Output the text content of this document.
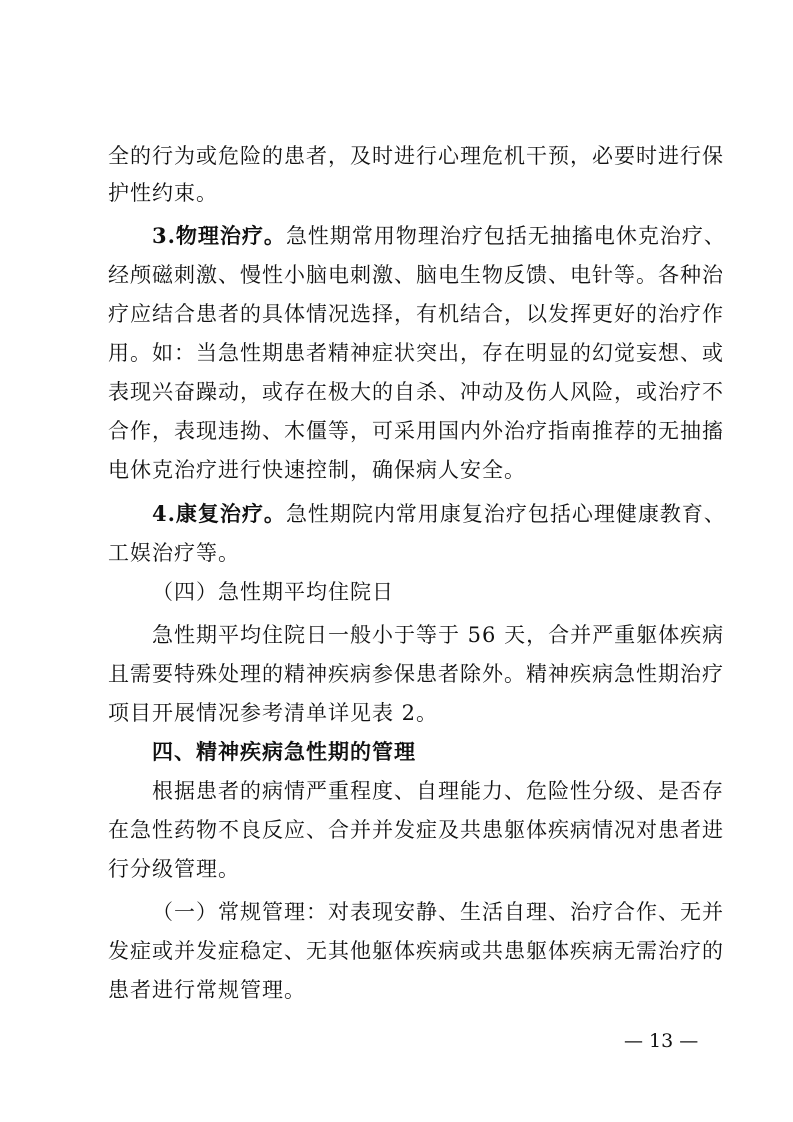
全的行为或危险的患者，及时进行心理危机干预，必要时进行保
护性约束。
3.物理治疗。急性期常用物理治疗包括无抽搐电休克治疗、
经颅磁刺激、慢性小脑电刺激、脑电生物反馈、电针等。各种治
疗应结合患者的具体情况选择，有机结合，以发挥更好的治疗作
用。如：当急性期患者精神症状突出，存在明显的幻觉妄想、或
表现兴奋躁动，或存在极大的自杀、冲动及伤人风险，或治疗不
合作，表现违拗、木僵等，可采用国内外治疗指南推荐的无抽搐
电休克治疗进行快速控制，确保病人安全。
4.康复治疗。急性期院内常用康复治疗包括心理健康教育、
工娱治疗等。
（四）急性期平均住院日
急性期平均住院日一般小于等于 56 天，合并严重躯体疾病
且需要特殊处理的精神疾病参保患者除外。精神疾病急性期治疗
项目开展情况参考清单详见表 2。
四、精神疾病急性期的管理
根据患者的病情严重程度、自理能力、危险性分级、是否存
在急性药物不良反应、合并并发症及共患躯体疾病情况对患者进
行分级管理。
（一）常规管理：对表现安静、生活自理、治疗合作、无并
发症或并发症稳定、无其他躯体疾病或共患躯体疾病无需治疗的
患者进行常规管理。
— 13 —
